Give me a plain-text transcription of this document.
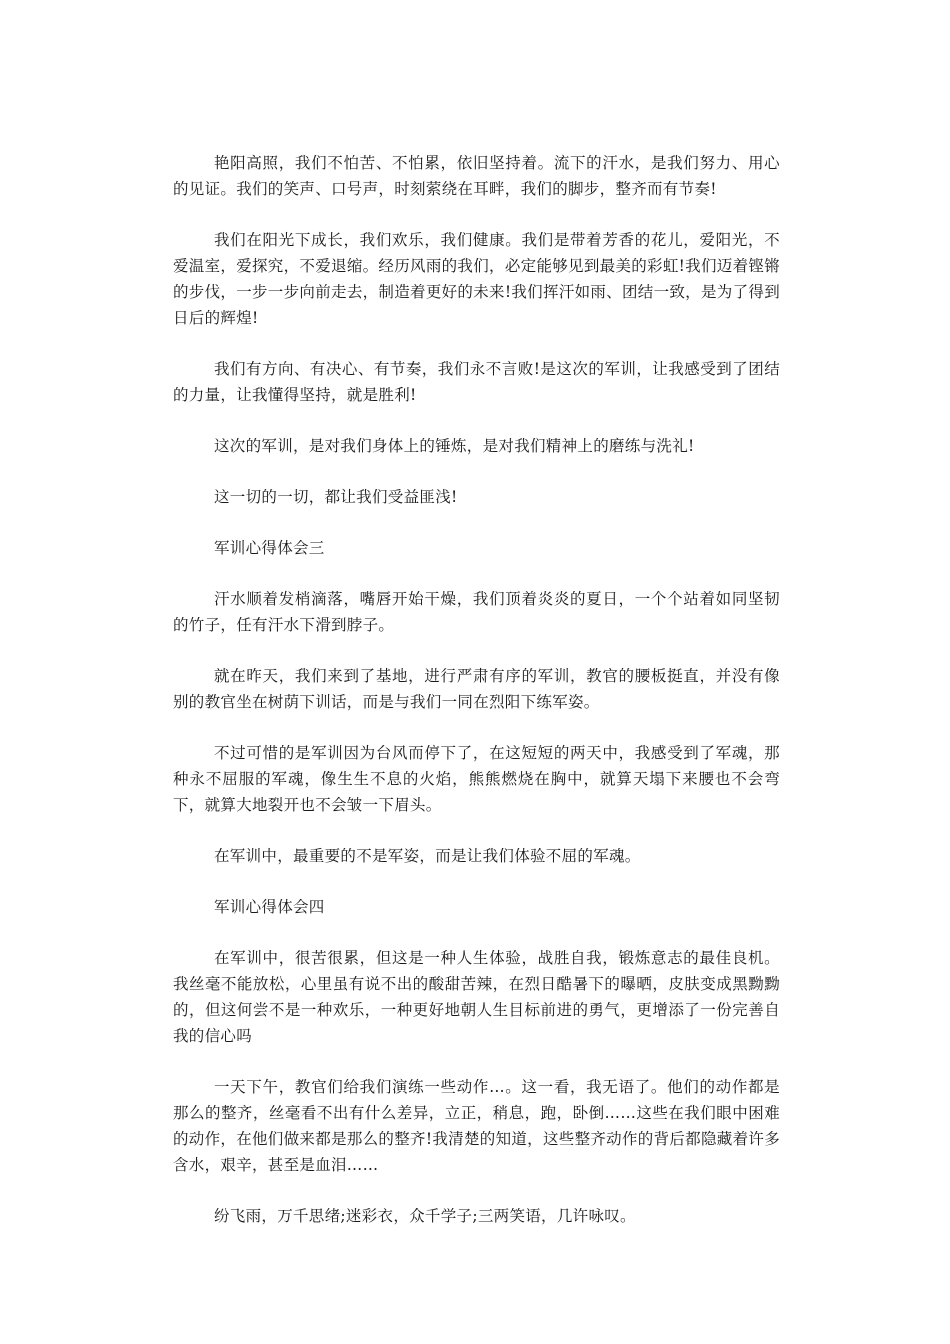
艳阳高照，我们不怕苦、不怕累，依旧坚持着。流下的汗水，是我们努力、用心的见证。我们的笑声、口号声，时刻萦绕在耳畔，我们的脚步，整齐而有节奏!

我们在阳光下成长，我们欢乐，我们健康。我们是带着芳香的花儿，爱阳光，不爱温室，爱探究，不爱退缩。经历风雨的我们，必定能够见到最美的彩虹!我们迈着铿锵的步伐，一步一步向前走去，制造着更好的未来!我们挥汗如雨、团结一致，是为了得到日后的辉煌!

我们有方向、有决心、有节奏，我们永不言败!是这次的军训，让我感受到了团结的力量，让我懂得坚持，就是胜利!

这次的军训，是对我们身体上的锤炼，是对我们精神上的磨练与洗礼!

这一切的一切，都让我们受益匪浅!

军训心得体会三

汗水顺着发梢滴落，嘴唇开始干燥，我们顶着炎炎的夏日，一个个站着如同坚韧的竹子，任有汗水下滑到脖子。

就在昨天，我们来到了基地，进行严肃有序的军训，教官的腰板挺直，并没有像别的教官坐在树荫下训话，而是与我们一同在烈阳下练军姿。

不过可惜的是军训因为台风而停下了，在这短短的两天中，我感受到了军魂，那种永不屈服的军魂，像生生不息的火焰，熊熊燃烧在胸中，就算天塌下来腰也不会弯下，就算大地裂开也不会皱一下眉头。

在军训中，最重要的不是军姿，而是让我们体验不屈的军魂。

军训心得体会四

在军训中，很苦很累，但这是一种人生体验，战胜自我，锻炼意志的最佳良机。我丝毫不能放松，心里虽有说不出的酸甜苦辣，在烈日酷暑下的曝晒，皮肤变成黑黝黝的，但这何尝不是一种欢乐，一种更好地朝人生目标前进的勇气，更增添了一份完善自我的信心吗

一天下午，教官们给我们演练一些动作…。这一看，我无语了。他们的动作都是那么的整齐，丝毫看不出有什么差异，立正，稍息，跑，卧倒……这些在我们眼中困难的动作，在他们做来都是那么的整齐!我清楚的知道，这些整齐动作的背后都隐藏着许多含水，艰辛，甚至是血泪……

纷飞雨，万千思绪;迷彩衣，众千学子;三两笑语，几许咏叹。
